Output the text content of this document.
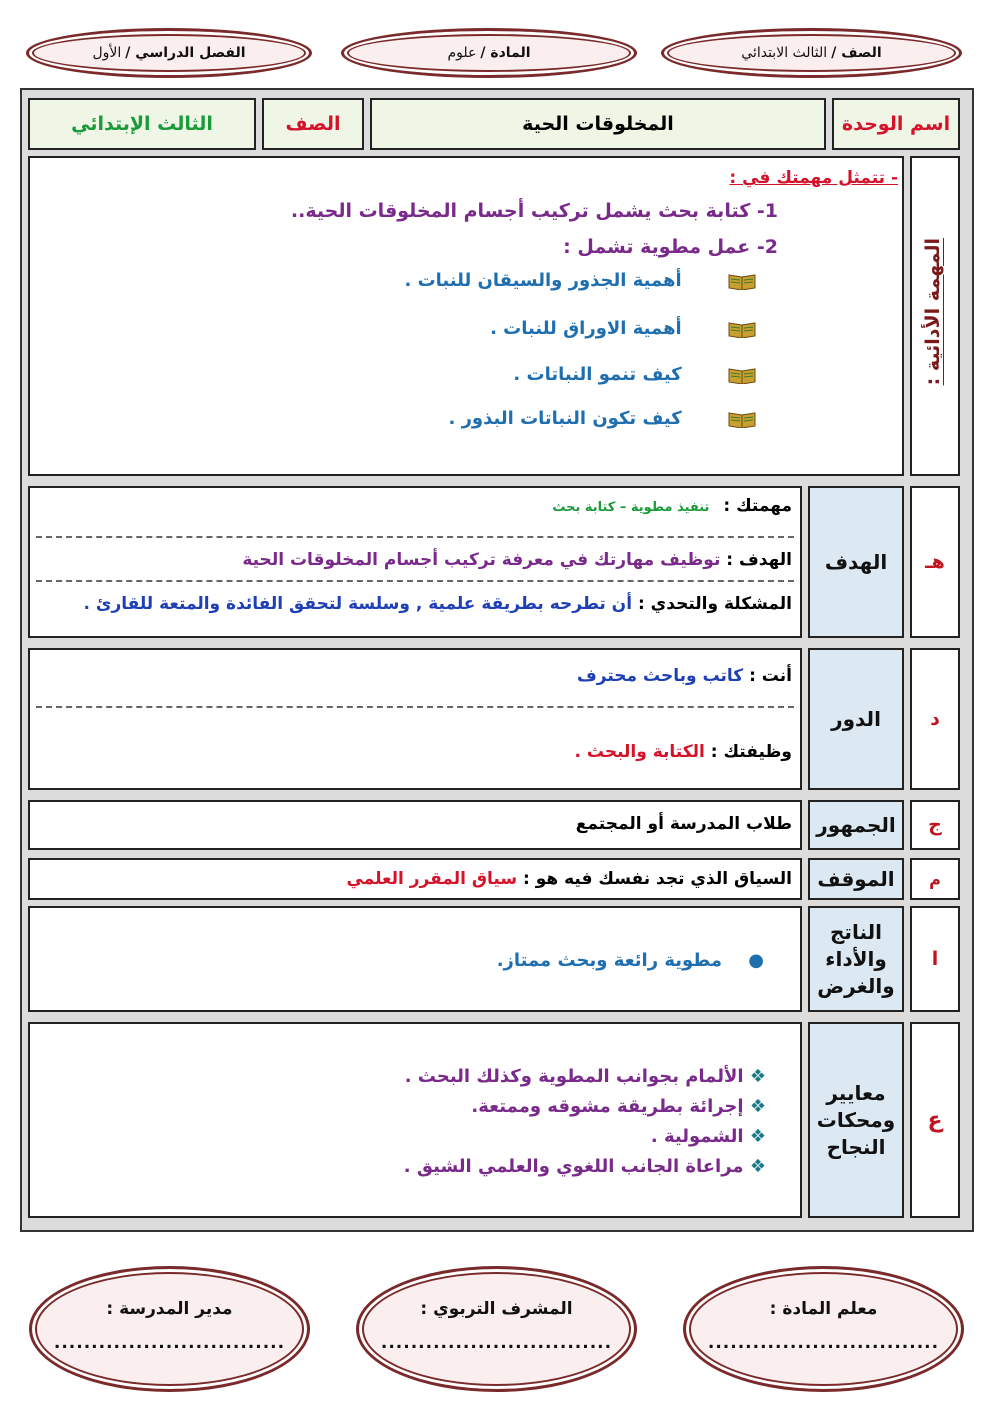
الصف /
الثالث الابتدائي
المادة /
علوم
الفصل الدراسي /
الأول
اسم الوحدة
المخلوقات الحية
الصف
الثالث الإبتدائي
المهمة الأدائية :
- تتمثل مهمتك في :
1- كتابة بحث يشمل تركيب أجسام المخلوقات الحية..
2- عمل مطوية تشمل :
أهمية الجذور والسيقان للنبات .
أهمية الاوراق للنبات .
كيف تنمو النباتات .
كيف تكون النباتات البذور .
هـ
الهدف
مهمتك : تنفيذ مطوية – كتابة بحث
الهدف : توظيف مهارتك في معرفة تركيب أجسام المخلوقات الحية
المشكلة والتحدي : أن تطرحه بطريقة علمية , وسلسة لتحقق الفائدة والمتعة للقارئ .
د
الدور
أنت : كاتب وباحث محترف
وظيفتك : الكتابة والبحث .
ج
الجمهور
طلاب المدرسة أو المجتمع
م
الموقف
السياق الذي تجد نفسك فيه هو : سياق المقرر العلمي
ا
الناتج
والأداء
والغرض
● مطوية رائعة وبحث ممتاز.
ع
معايير
ومحكات
النجاح
❖ الألمام بجوانب المطوية وكذلك البحث .
❖ إجرائة بطريقة مشوقه وممتعة.
❖ الشمولية .
❖ مراعاة الجانب اللغوي والعلمي الشيق .
معلم المادة :
...............................
المشرف التربوي :
...............................
مدير المدرسة :
...............................
